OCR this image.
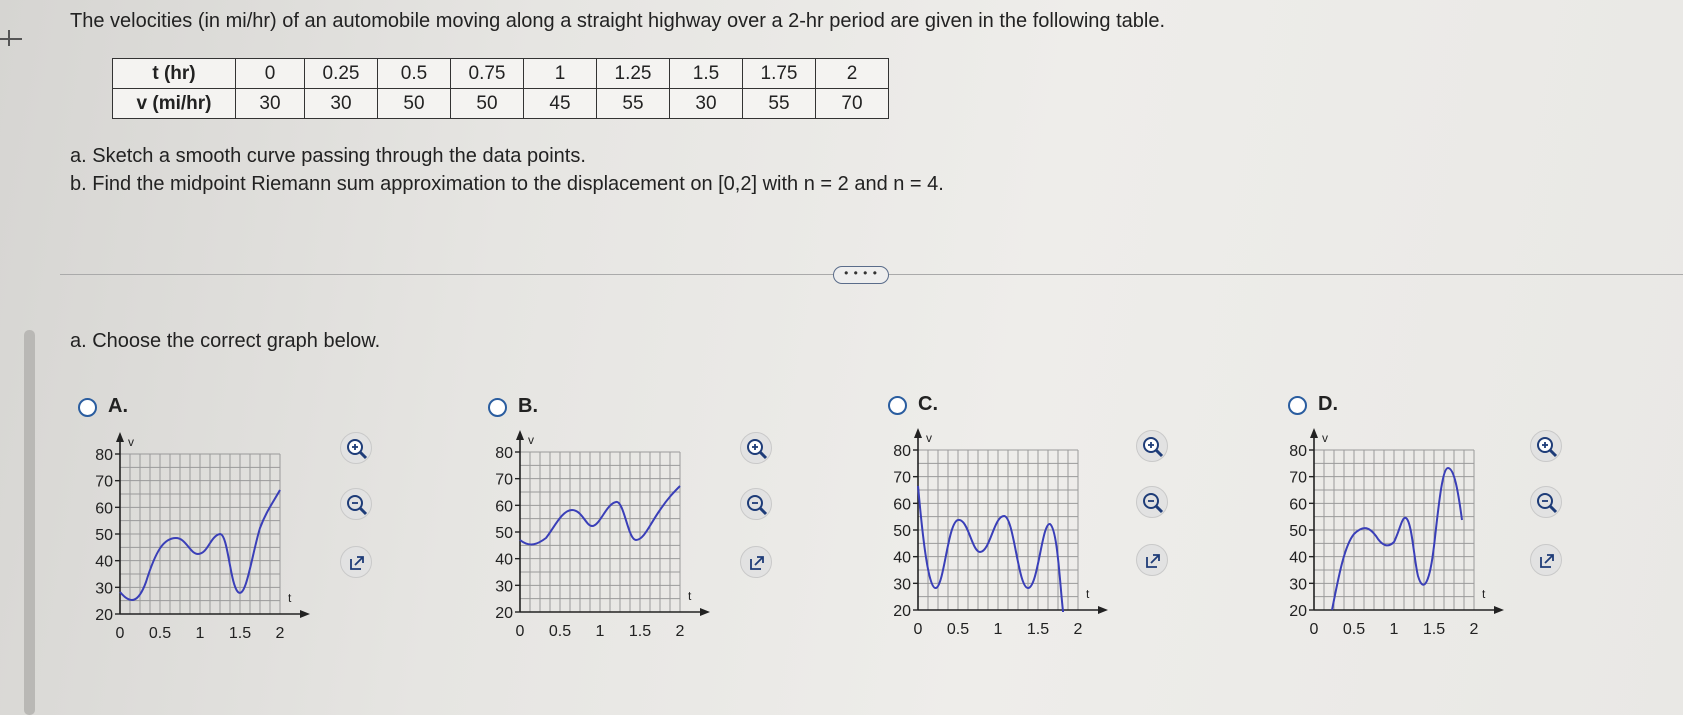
The velocities (in mi/hr) of an automobile moving along a straight highway over a 2-hr period are given in the following table.
t (hr)	0	0.25	0.5	0.75	1	1.25	1.5	1.75	2
v (mi/hr)	30	30	50	50	45	55	30	55	70
a. Sketch a smooth curve passing through the data points.
b. Find the midpoint Riemann sum approximation to the displacement on [0,2] with n = 2 and n = 4.
• • • •
a. Choose the correct graph below.
A.
v
t
80
70
60
50
40
30
20
0 0.5 1 1.5 2
B.
v
t
80
70
60
50
40
30
20
0 0.5 1 1.5 2
C.
v
t
80
70
60
50
40
30
20
0 0.5 1 1.5 2
D.
v
t
80
70
60
50
40
30
20
0 0.5 1 1.5 2
